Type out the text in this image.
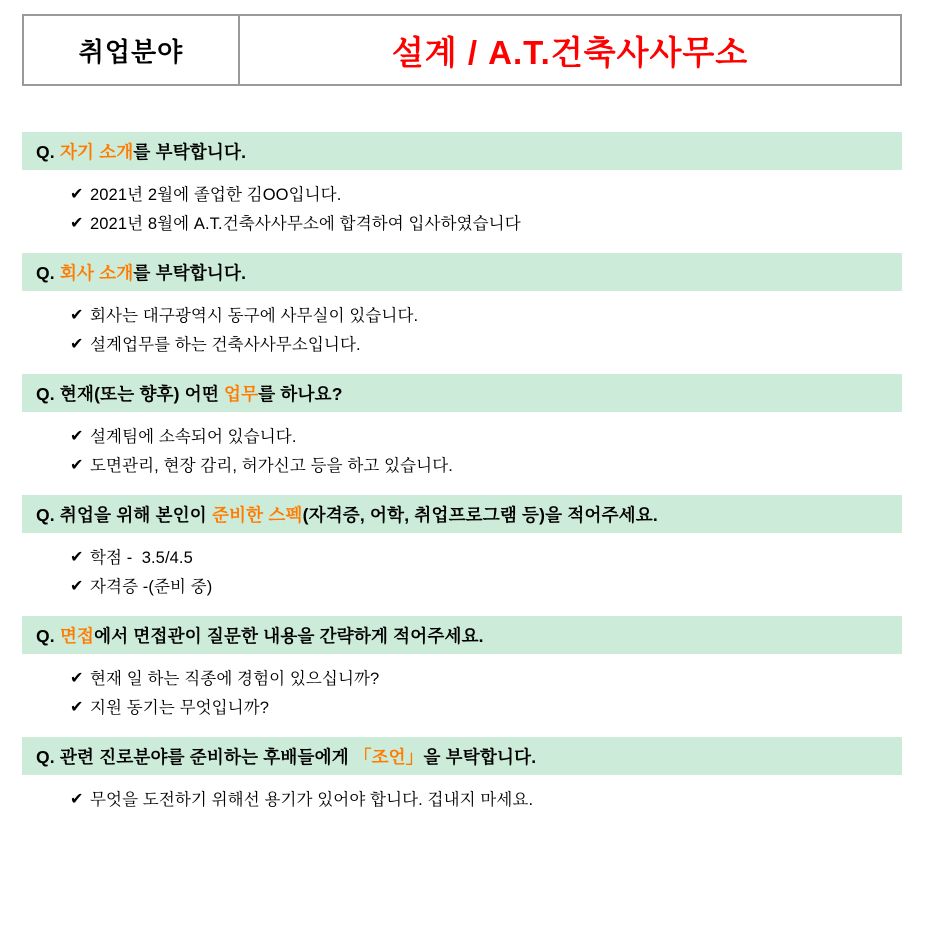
취업분야	설계 / A.T.건축사사무소
Q. 자기 소개를 부탁합니다.
✔ 2021년 2월에 졸업한 김OO입니다.
✔ 2021년 8월에 A.T.건축사사무소에 합격하여 입사하였습니다
Q. 회사 소개를 부탁합니다.
✔ 회사는 대구광역시 동구에 사무실이 있습니다.
✔ 설계업무를 하는 건축사사무소입니다.
Q. 현재(또는 향후) 어떤 업무를 하나요?
✔ 설계팀에 소속되어 있습니다.
✔ 도면관리, 현장 감리, 허가신고 등을 하고 있습니다.
Q. 취업을 위해 본인이 준비한 스펙(자격증, 어학, 취업프로그램 등)을 적어주세요.
✔ 학점 -  3.5/4.5
✔ 자격증 -(준비 중)
Q. 면접에서 면접관이 질문한 내용을 간략하게 적어주세요.
✔ 현재 일 하는 직종에 경험이 있으십니까?
✔ 지원 동기는 무엇입니까?
Q. 관련 진로분야를 준비하는 후배들에게 「조언」을 부탁합니다.
✔ 무엇을 도전하기 위해선 용기가 있어야 합니다. 겁내지 마세요.
